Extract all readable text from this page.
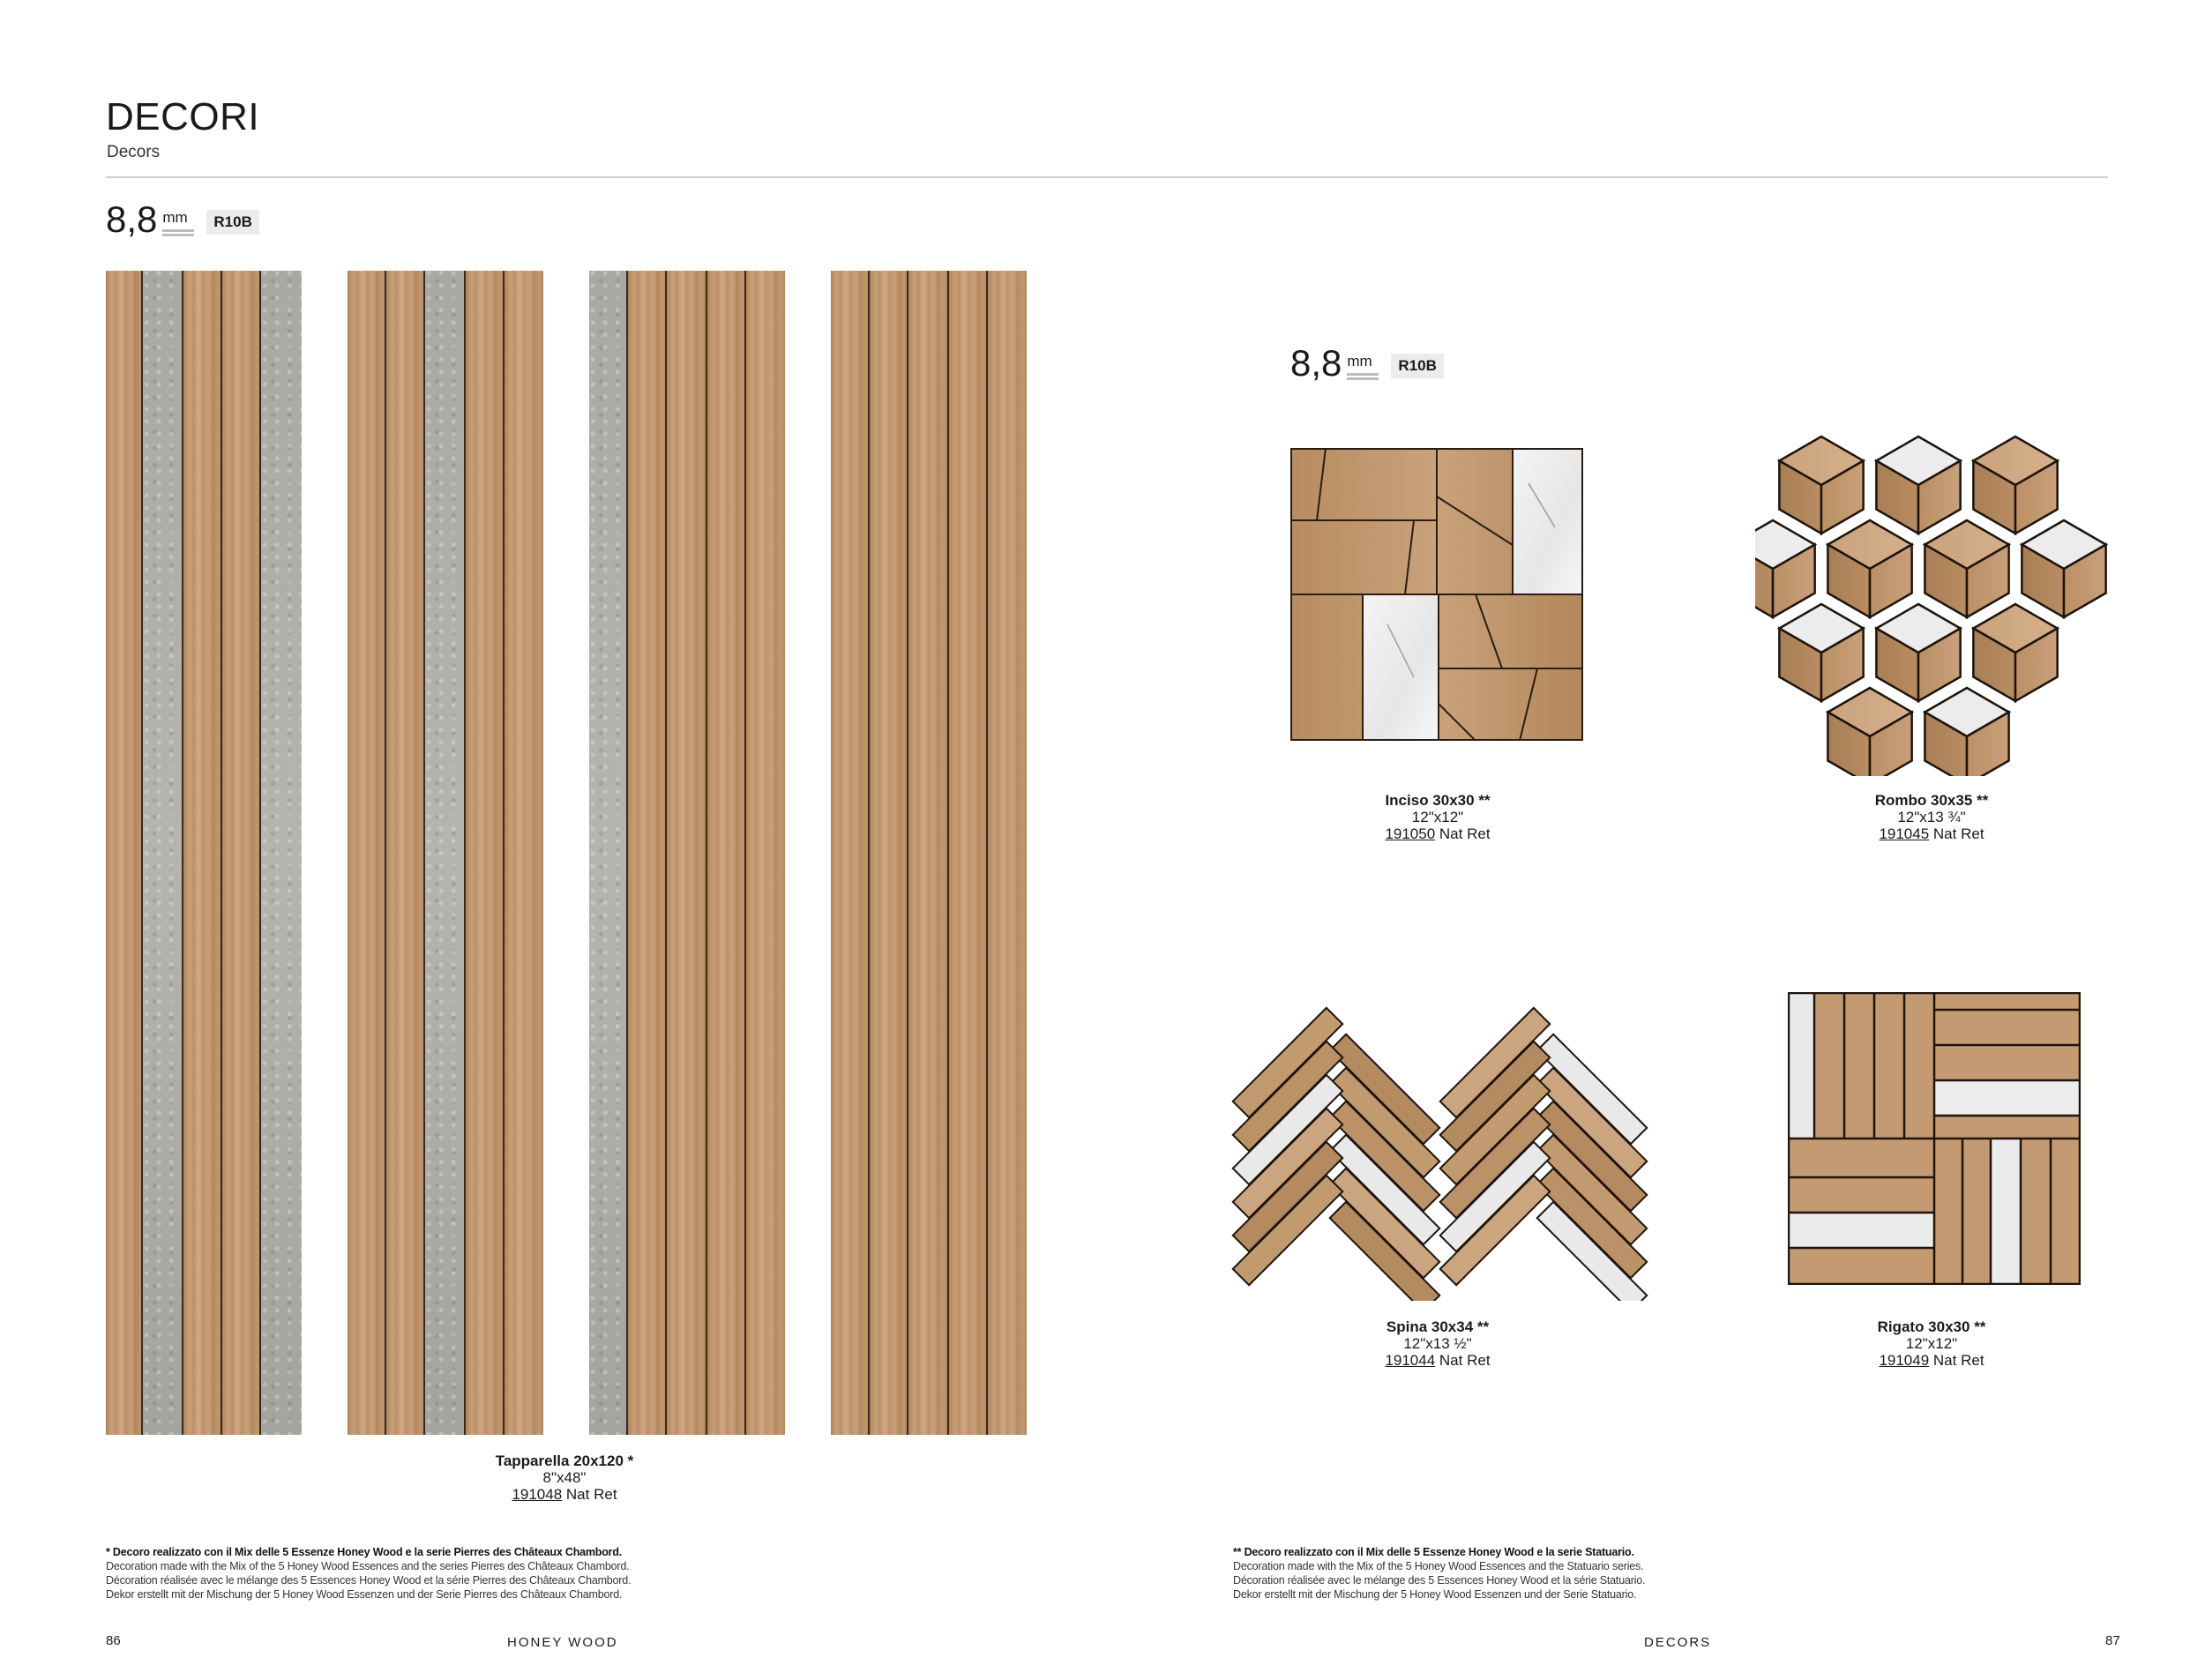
DECORI
Decors
8,8 mm	R10B
Tapparella 20x120 *
8"x48"
191048 Nat Ret
8,8 mm	R10B
Inciso 30x30 **
12"x12"
191050 Nat Ret
Rombo 30x35 **
12"x13 ¾"
191045 Nat Ret
Spina 30x34 **
12"x13 ½"
191044 Nat Ret
Rigato 30x30 **
12"x12"
191049 Nat Ret
* Decoro realizzato con il Mix delle 5 Essenze Honey Wood e la serie Pierres des Châteaux Chambord.
Decoration made with the Mix of the 5 Honey Wood Essences and the series Pierres des Châteaux Chambord.
Décoration réalisée avec le mélange des 5 Essences Honey Wood et la série Pierres des Châteaux Chambord.
Dekor erstellt mit der Mischung der 5 Honey Wood Essenzen und der Serie Pierres des Châteaux Chambord.
** Decoro realizzato con il Mix delle 5 Essenze Honey Wood e la serie Statuario.
Decoration made with the Mix of the 5 Honey Wood Essences and the Statuario series.
Décoration réalisée avec le mélange des 5 Essences Honey Wood et la série Statuario.
Dekor erstellt mit der Mischung der 5 Honey Wood Essenzen und der Serie Statuario.
86	HONEY WOOD	DECORS	87
